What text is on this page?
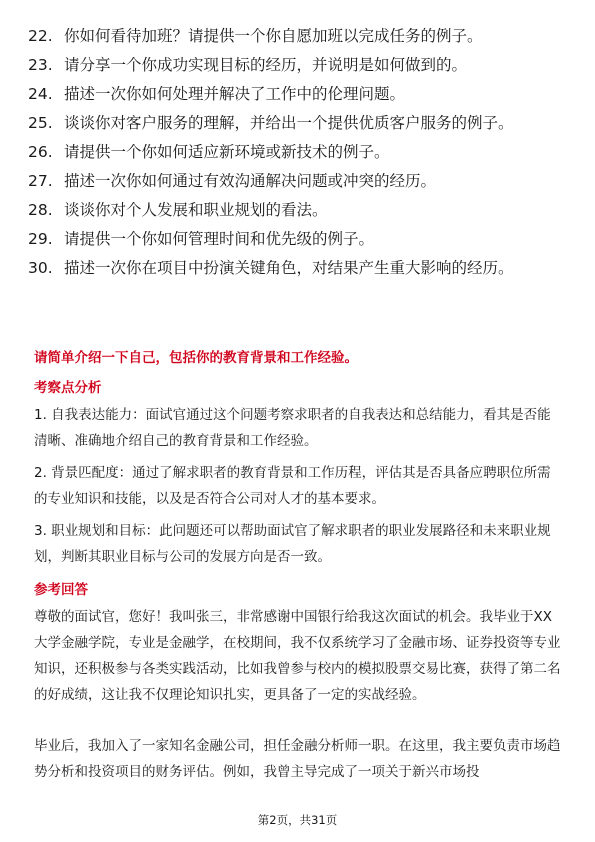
22. 你如何看待加班？请提供一个你自愿加班以完成任务的例子。
23. 请分享一个你成功实现目标的经历，并说明是如何做到的。
24. 描述一次你如何处理并解决了工作中的伦理问题。
25. 谈谈你对客户服务的理解，并给出一个提供优质客户服务的例子。
26. 请提供一个你如何适应新环境或新技术的例子。
27. 描述一次你如何通过有效沟通解决问题或冲突的经历。
28. 谈谈你对个人发展和职业规划的看法。
29. 请提供一个你如何管理时间和优先级的例子。
30. 描述一次你在项目中扮演关键角色，对结果产生重大影响的经历。
请简单介绍一下自己，包括你的教育背景和工作经验。
考察点分析
1. 自我表达能力：面试官通过这个问题考察求职者的自我表达和总结能力，看其是否能清晰、准确地介绍自己的教育背景和工作经验。
2. 背景匹配度：通过了解求职者的教育背景和工作历程，评估其是否具备应聘职位所需的专业知识和技能，以及是否符合公司对人才的基本要求。
3. 职业规划和目标：此问题还可以帮助面试官了解求职者的职业发展路径和未来职业规划，判断其职业目标与公司的发展方向是否一致。
参考回答
尊敬的面试官，您好！我叫张三，非常感谢中国银行给我这次面试的机会。我毕业于XX大学金融学院，专业是金融学，在校期间，我不仅系统学习了金融市场、证券投资等专业知识，还积极参与各类实践活动，比如我曾参与校内的模拟股票交易比赛，获得了第二名的好成绩，这让我不仅理论知识扎实，更具备了一定的实战经验。
毕业后，我加入了一家知名金融公司，担任金融分析师一职。在这里，我主要负责市场趋势分析和投资项目的财务评估。例如，我曾主导完成了一项关于新兴市场投
第2页，共31页
